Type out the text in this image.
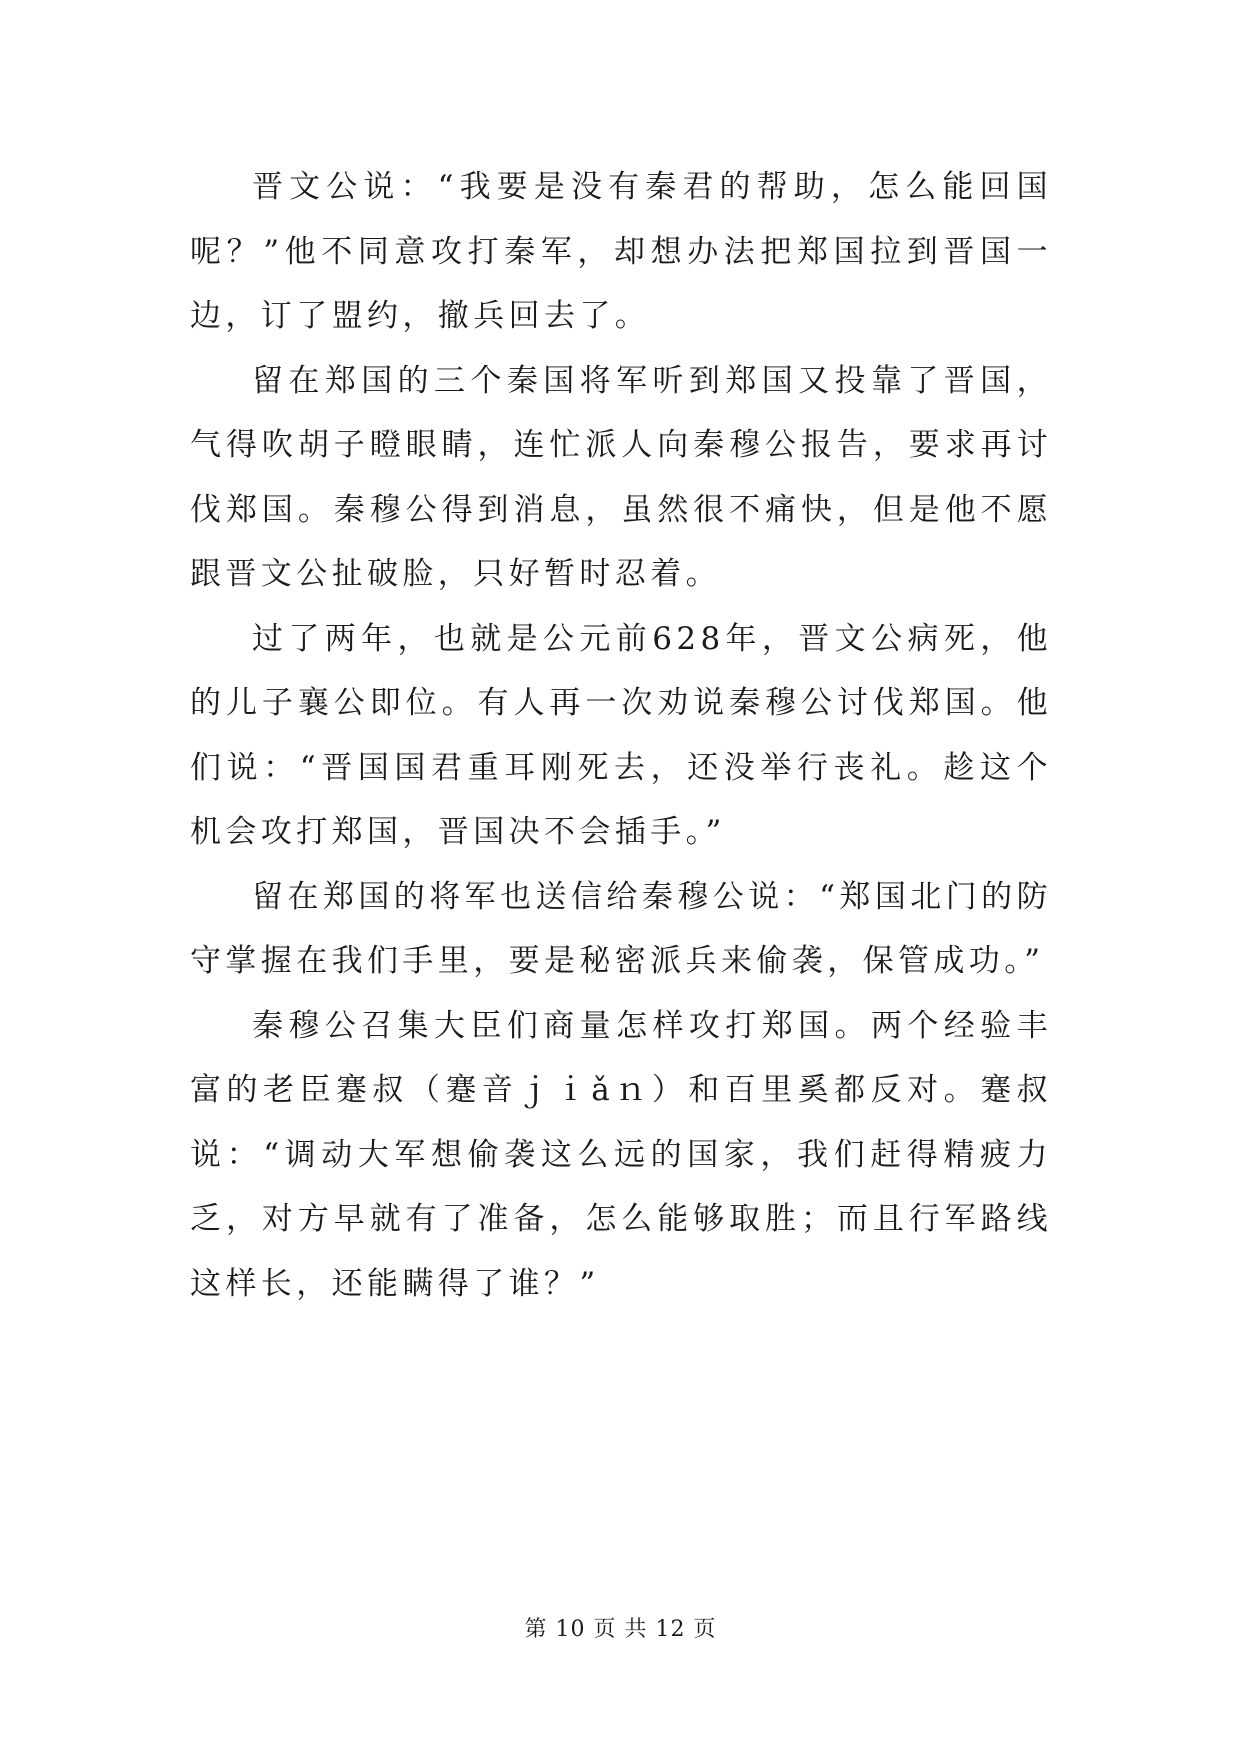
晋文公说：“我要是没有秦君的帮助，怎么能回国呢？”他不同意攻打秦军，却想办法把郑国拉到晋国一边，订了盟约，撤兵回去了。

留在郑国的三个秦国将军听到郑国又投靠了晋国，气得吹胡子瞪眼睛，连忙派人向秦穆公报告，要求再讨伐郑国。秦穆公得到消息，虽然很不痛快，但是他不愿跟晋文公扯破脸，只好暂时忍着。

过了两年，也就是公元前628年，晋文公病死，他的儿子襄公即位。有人再一次劝说秦穆公讨伐郑国。他们说：“晋国国君重耳刚死去，还没举行丧礼。趁这个机会攻打郑国，晋国决不会插手。”

留在郑国的将军也送信给秦穆公说：“郑国北门的防守掌握在我们手里，要是秘密派兵来偷袭，保管成功。”

秦穆公召集大臣们商量怎样攻打郑国。两个经验丰富的老臣蹇叔（蹇音ｊｉǎｎ）和百里奚都反对。蹇叔说：“调动大军想偷袭这么远的国家，我们赶得精疲力乏，对方早就有了准备，怎么能够取胜；而且行军路线这样长，还能瞒得了谁？”

第 10 页 共 12 页
